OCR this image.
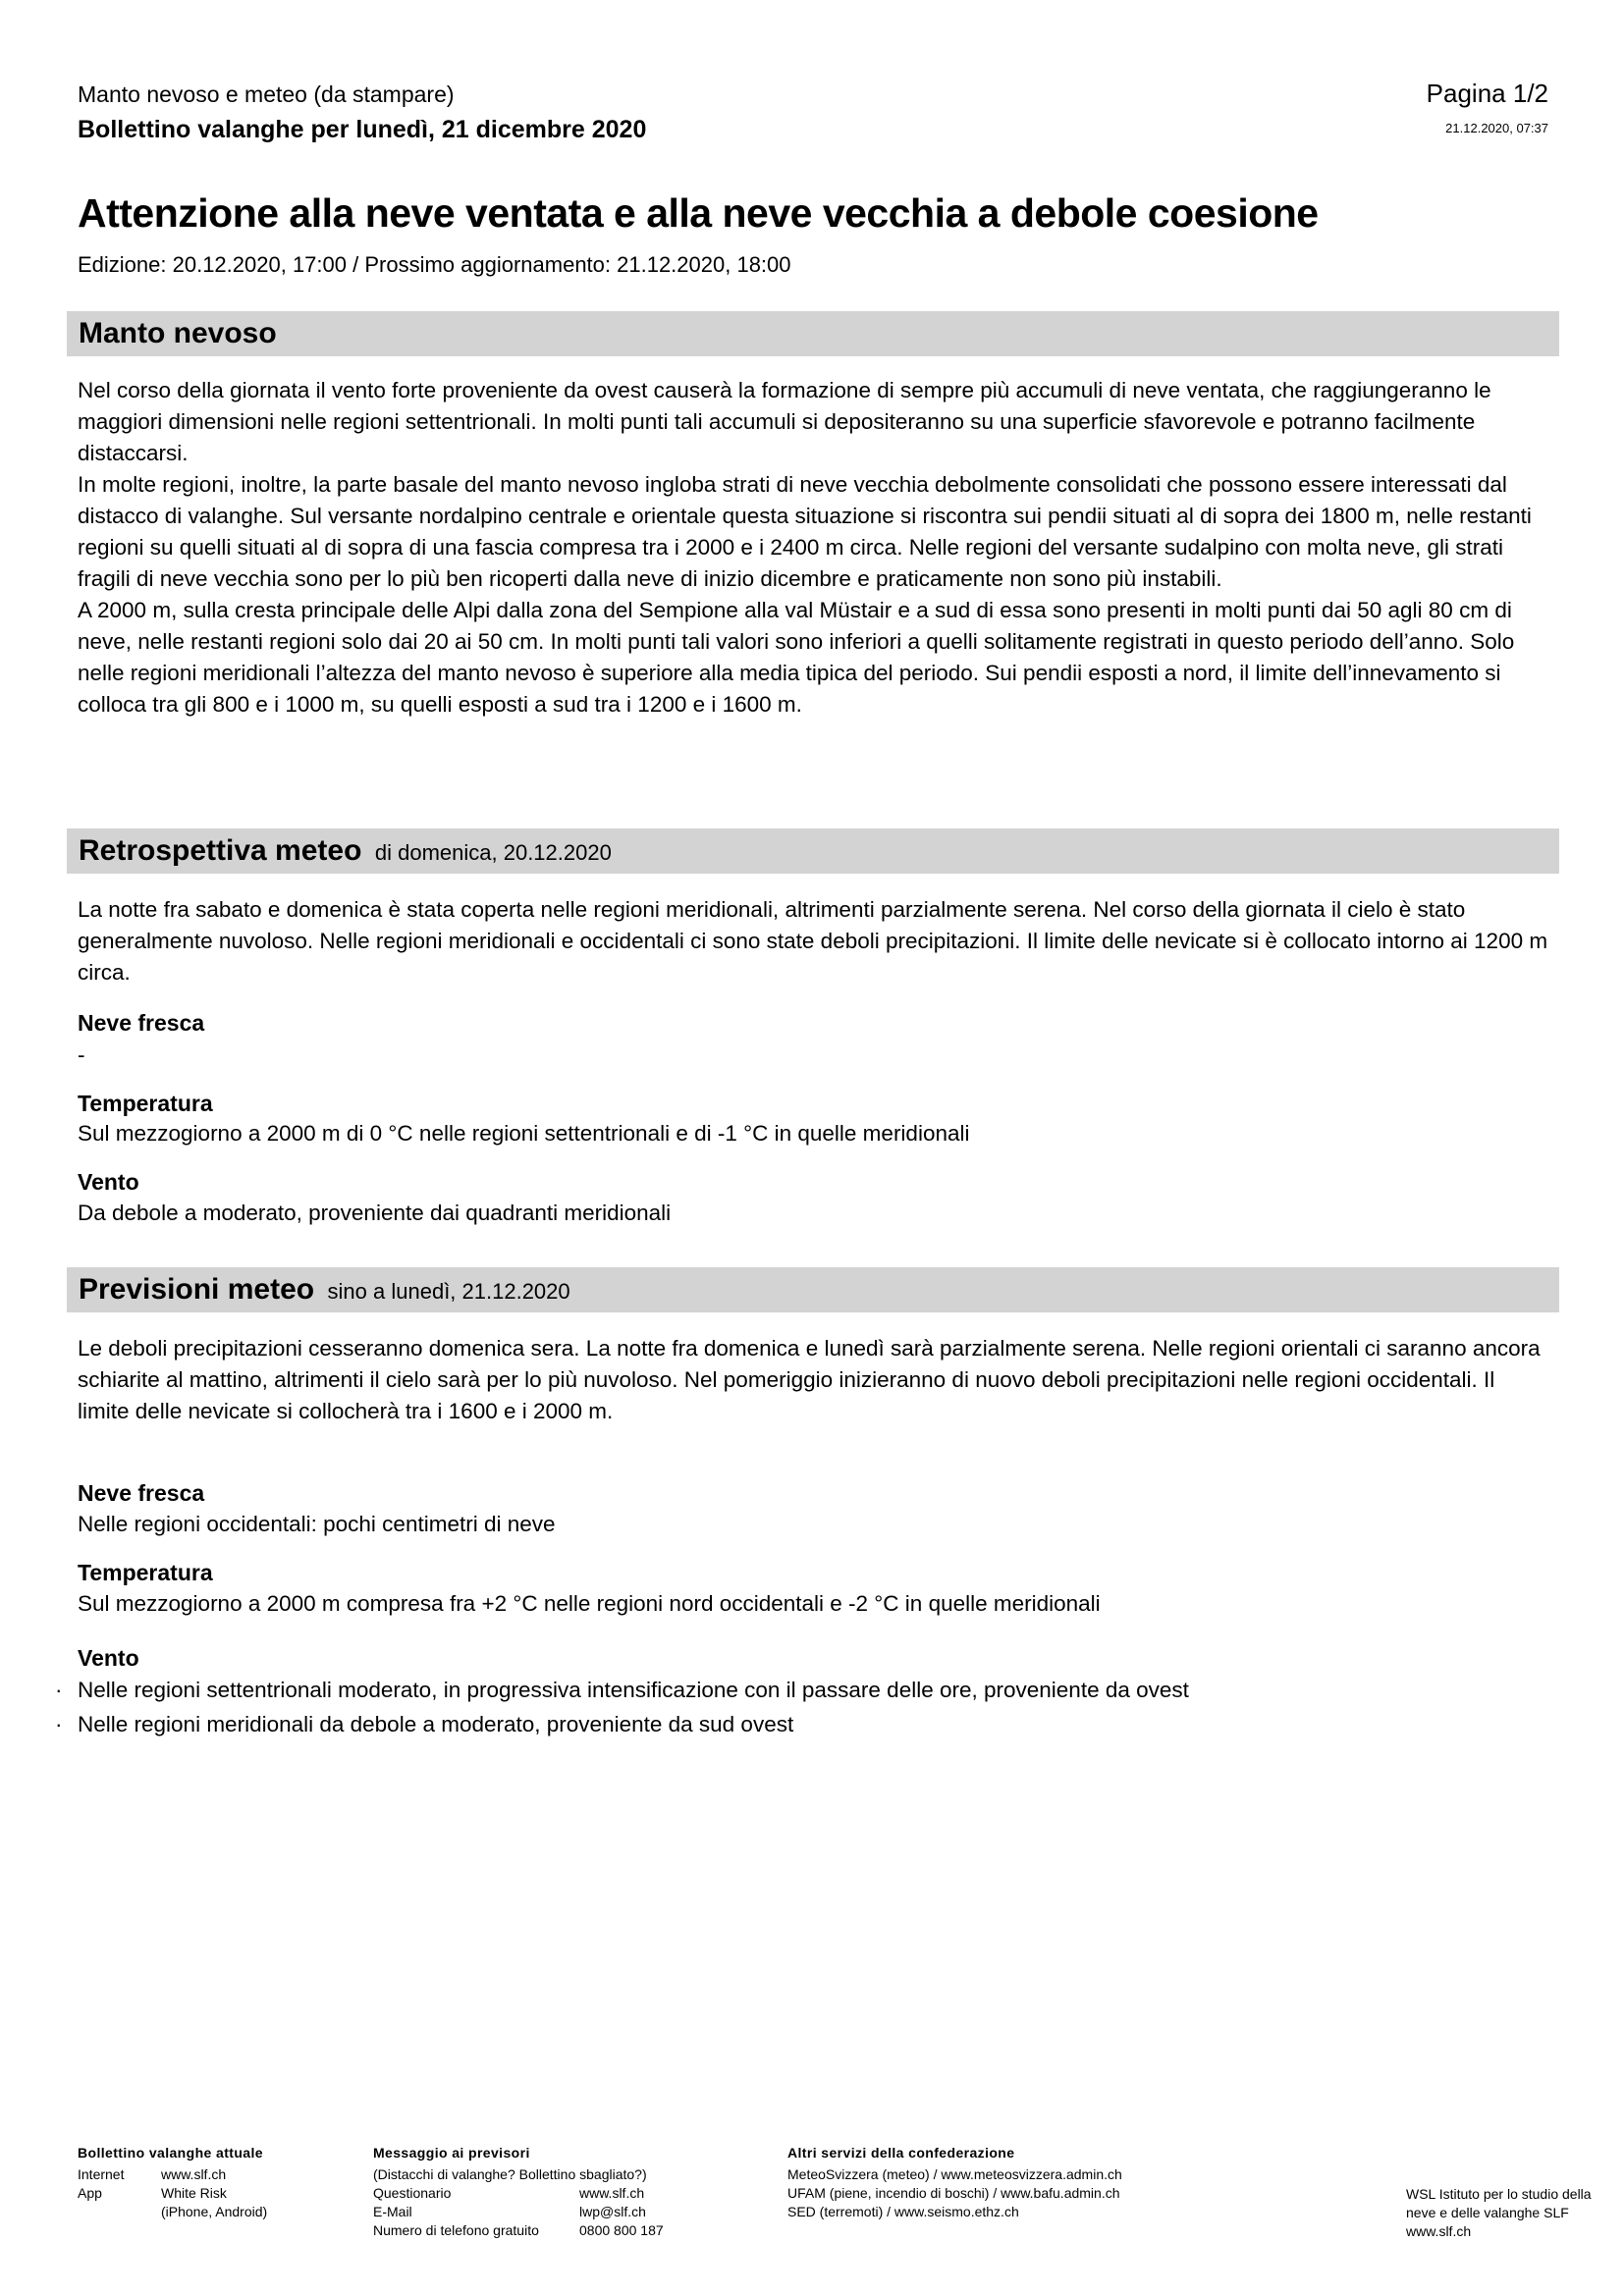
Manto nevoso e meteo (da stampare)
Bollettino valanghe per lunedì, 21 dicembre 2020
Pagina 1/2
21.12.2020, 07:37
Attenzione alla neve ventata e alla neve vecchia a debole coesione
Edizione: 20.12.2020, 17:00 / Prossimo aggiornamento: 21.12.2020, 18:00
Manto nevoso

Nel corso della giornata il vento forte proveniente da ovest causerà la formazione di sempre più accumuli di neve ventata, che raggiungeranno le maggiori dimensioni nelle regioni settentrionali. In molti punti tali accumuli si depositeranno su una superficie sfavorevole e potranno facilmente distaccarsi.

In molte regioni, inoltre, la parte basale del manto nevoso ingloba strati di neve vecchia debolmente consolidati che possono essere interessati dal distacco di valanghe. Sul versante nordalpino centrale e orientale questa situazione si riscontra sui pendii situati al di sopra dei 1800 m, nelle restanti regioni su quelli situati al di sopra di una fascia compresa tra i 2000 e i 2400 m circa. Nelle regioni del versante sudalpino con molta neve, gli strati fragili di neve vecchia sono per lo più ben ricoperti dalla neve di inizio dicembre e praticamente non sono più instabili.

A 2000 m, sulla cresta principale delle Alpi dalla zona del Sempione alla val Müstair e a sud di essa sono presenti in molti punti dai 50 agli 80 cm di neve, nelle restanti regioni solo dai 20 ai 50 cm. In molti punti tali valori sono inferiori a quelli solitamente registrati in questo periodo dell’anno. Solo nelle regioni meridionali l’altezza del manto nevoso è superiore alla media tipica del periodo. Sui pendii esposti a nord, il limite dell’innevamento si colloca tra gli 800 e i 1000 m, su quelli esposti a sud tra i 1200 e i 1600 m.

Retrospettiva meteo di domenica, 20.12.2020
La notte fra sabato e domenica è stata coperta nelle regioni meridionali, altrimenti parzialmente serena. Nel corso della giornata il cielo è stato generalmente nuvoloso. Nelle regioni meridionali e occidentali ci sono state deboli precipitazioni. Il limite delle nevicate si è collocato intorno ai 1200 m circa.
Neve fresca
-
Temperatura
Sul mezzogiorno a 2000 m di 0 °C nelle regioni settentrionali e di -1 °C in quelle meridionali
Vento
Da debole a moderato, proveniente dai quadranti meridionali
Previsioni meteo sino a lunedì, 21.12.2020
Le deboli precipitazioni cesseranno domenica sera. La notte fra domenica e lunedì sarà parzialmente serena. Nelle regioni orientali ci saranno ancora schiarite al mattino, altrimenti il cielo sarà per lo più nuvoloso. Nel pomeriggio inizieranno di nuovo deboli precipitazioni nelle regioni occidentali. Il limite delle nevicate si collocherà tra i 1600 e i 2000 m.
Neve fresca
Nelle regioni occidentali: pochi centimetri di neve
Temperatura
Sul mezzogiorno a 2000 m compresa fra +2 °C nelle regioni nord occidentali e -2 °C in quelle meridionali
Vento
· Nelle regioni settentrionali moderato, in progressiva intensificazione con il passare delle ore, proveniente da ovest
· Nelle regioni meridionali da debole a moderato, proveniente da sud ovest
Bollettino valanghe attuale
Internet	www.slf.ch
App	White Risk
(iPhone, Android)
Messaggio ai previsori
(Distacchi di valanghe? Bollettino sbagliato?)
Questionario	www.slf.ch
E-Mail	lwp@slf.ch
Numero di telefono gratuito	0800 800 187
Altri servizi della confederazione
MeteoSvizzera (meteo) / www.meteosvizzera.admin.ch
UFAM (piene, incendio di boschi) / www.bafu.admin.ch
SED (terremoti) / www.seismo.ethz.ch
WSL Istituto per lo studio della
neve e delle valanghe SLF
www.slf.ch
